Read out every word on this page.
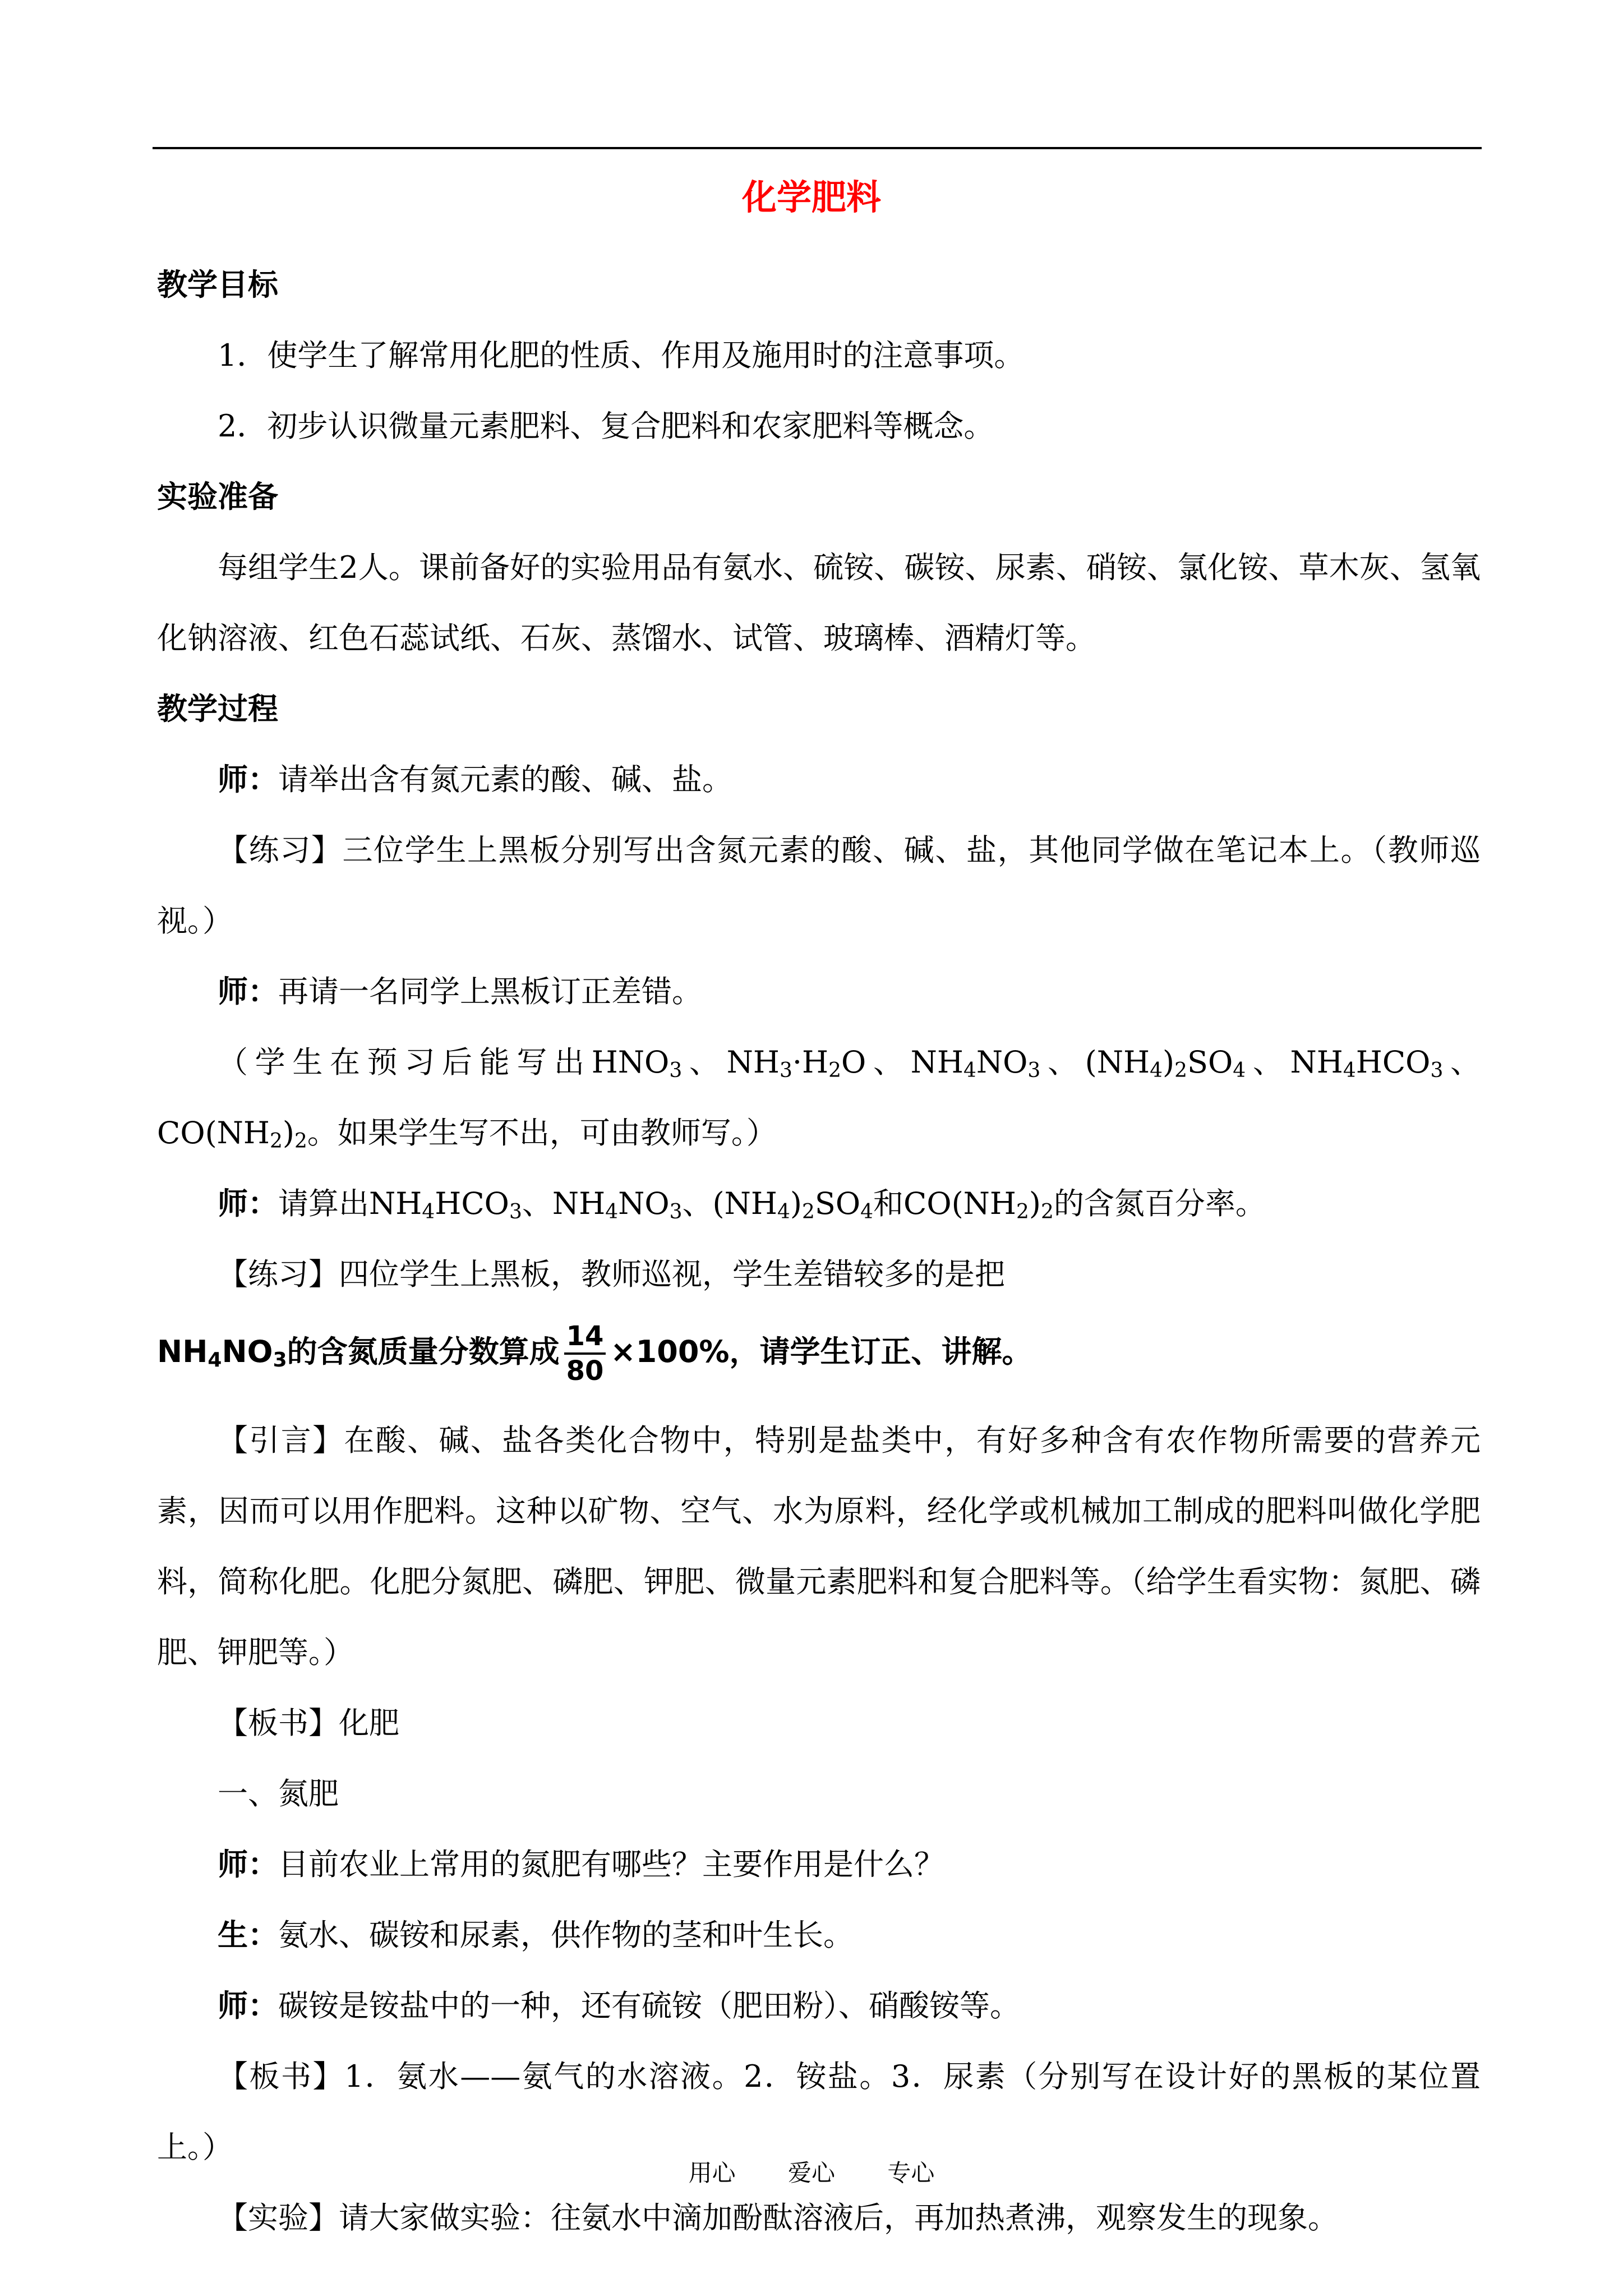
化学肥料
教学目标
1．使学生了解常用化肥的性质、作用及施用时的注意事项。
2．初步认识微量元素肥料、复合肥料和农家肥料等概念。
实验准备
每组学生2人。课前备好的实验用品有氨水、硫铵、碳铵、尿素、硝铵、氯化铵、草木灰、氢氧化钠溶液、红色石蕊试纸、石灰、蒸馏水、试管、玻璃棒、酒精灯等。
教学过程
师：请举出含有氮元素的酸、碱、盐。
【练习】三位学生上黑板分别写出含氮元素的酸、碱、盐，其他同学做在笔记本上。（教师巡视。）
师：再请一名同学上黑板订正差错。
（学生在预习后能写出$HNO_3$、$NH_3\cdot H_2O$、$NH_4NO_3$、$(NH_4)_2SO_4$、$NH_4HCO_3$、$CO(NH_2)_2$。如果学生写不出，可由教师写。）
师：请算出$NH_4HCO_3$、$NH_4NO_3$、$(NH_4)_2SO_4$和$CO(NH_2)_2$的含氮百分率。
【练习】四位学生上黑板，教师巡视，学生差错较多的是把
$NH_4NO_3$的含氮质量分数算成 $\frac{14}{80} \times 100\%$，请学生订正、讲解。
【引言】在酸、碱、盐各类化合物中，特别是盐类中，有好多种含有农作物所需要的营养元素，因而可以用作肥料。这种以矿物、空气、水为原料，经化学或机械加工制成的肥料叫做化学肥料，简称化肥。化肥分氮肥、磷肥、钾肥、微量元素肥料和复合肥料等。（给学生看实物：氮肥、磷肥、钾肥等。）
【板书】化肥
一、氮肥
师：目前农业上常用的氮肥有哪些？主要作用是什么？
生：氨水、碳铵和尿素，供作物的茎和叶生长。
师：碳铵是铵盐中的一种，还有硫铵（肥田粉）、硝酸铵等。
【板书】1．氨水——氨气的水溶液。2．铵盐。3．尿素（分别写在设计好的黑板的某位置上。）
【实验】请大家做实验：往氨水中滴加酚酞溶液后，再加热煮沸，观察发生的现象。
用心 爱心 专心
